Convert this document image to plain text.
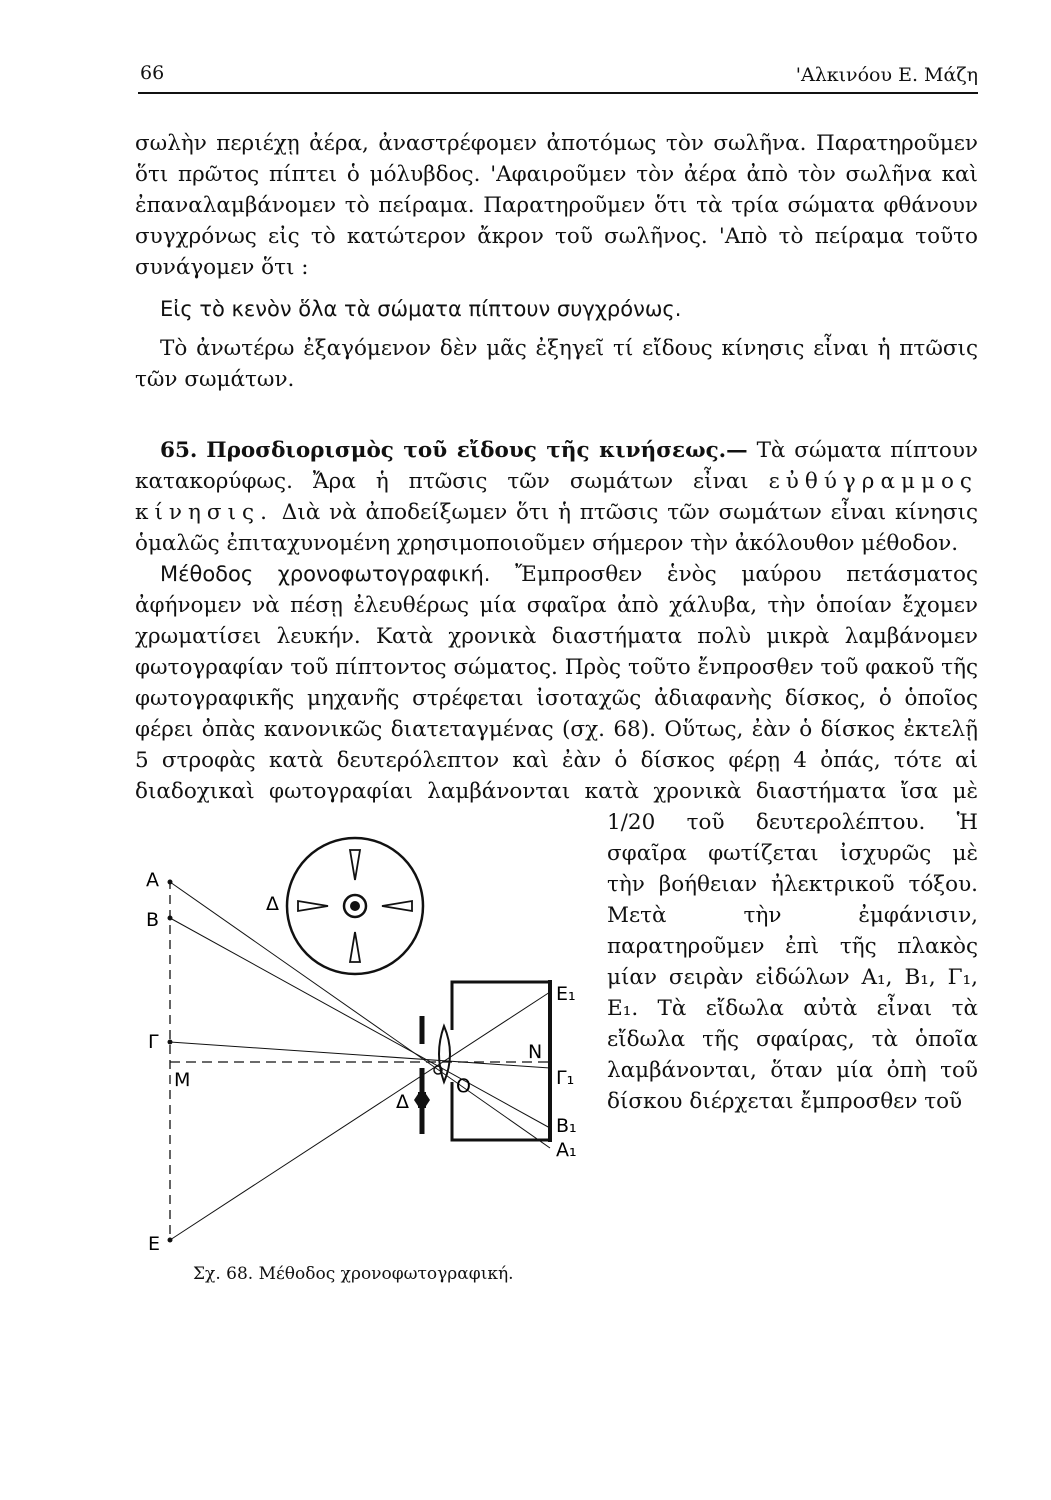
66	'Αλκινόου Ε. Μάζη

σωλὴν περιέχῃ ἀέρα, ἀναστρέφομεν ἀποτόμως τὸν σωλῆνα. Παρατηροῦμεν ὅτι πρῶτος πίπτει ὁ μόλυβδος. 'Αφαιροῦμεν τὸν ἀέρα ἀπὸ τὸν σωλῆνα καὶ ἐπαναλαμβάνομεν τὸ πείραμα. Παρατηροῦμεν ὅτι τὰ τρία σώματα φθάνουν συγχρόνως εἰς τὸ κατώτερον ἄκρον τοῦ σωλῆνος. 'Απὸ τὸ πείραμα τοῦτο συνάγομεν ὅτι :

Εἰς τὸ κενὸν ὅλα τὰ σώματα πίπτουν συγχρόνως.

Τὸ ἀνωτέρω ἐξαγόμενον δὲν μᾶς ἐξηγεῖ τί εἴδους κίνησις εἶναι ἡ πτῶσις τῶν σωμάτων.

65. Προσδιορισμὸς τοῦ εἴδους τῆς κινήσεως.— Τὰ σώματα πίπτουν κατακορύφως. Ἄρα ἡ πτῶσις τῶν σωμάτων εἶναι εὐθύγραμμος κίνησις. Διὰ νὰ ἀποδείξωμεν ὅτι ἡ πτῶσις τῶν σωμάτων εἶναι κίνησις ὁμαλῶς ἐπιταχυνομένη χρησιμοποιοῦμεν σήμερον τὴν ἀκόλουθον μέθοδον.

Μέθοδος χρονοφωτογραφική. Ἔμπροσθεν ἑνὸς μαύρου πετάσματος ἀφήνομεν νὰ πέσῃ ἐλευθέρως μία σφαῖρα ἀπὸ χάλυβα, τὴν ὁποίαν ἔχομεν χρωματίσει λευκήν. Κατὰ χρονικὰ διαστήματα πολὺ μικρὰ λαμβάνομεν φωτογραφίαν τοῦ πίπτοντος σώματος. Πρὸς τοῦτο ἔνπροσθεν τοῦ φακοῦ τῆς φωτογραφικῆς μηχανῆς στρέφεται ἰσοταχῶς ἀδιαφανὴς δίσκος, ὁ ὁποῖος φέρει ὀπὰς κανονικῶς διατεταγμένας (σχ. 68). Οὕτως, ἐὰν ὁ δίσκος ἐκτελῇ 5 στροφὰς κατὰ δευτερόλεπτον καὶ ἐὰν ὁ δίσκος φέρῃ 4 ὀπάς, τότε αἱ διαδοχικαὶ φωτογραφίαι λαμβάνονται κατὰ χρονικὰ διαστήματα ἴσα μὲ 1/20 τοῦ δευτερολέπτου. Ἡ σφαῖρα φωτίζεται ἰσχυρῶς μὲ τὴν βοήθειαν ἠλεκτρικοῦ τόξου. Μετὰ τὴν ἐμφάνισιν, παρατηροῦμεν ἐπὶ τῆς πλακὸς μίαν σειρὰν εἰδώλων Α₁, Β₁, Γ₁, Ε₁. Τὰ εἴδωλα αὐτὰ εἶναι τὰ εἴδωλα τῆς σφαίρας, τὰ ὁποῖα λαμβάνονται, ὅταν μία ὀπὴ τοῦ δίσκου διέρχεται ἔμπροσθεν τοῦ

Α
Β
Γ
Μ
Ε
Δ
Δ
Ν
Ο
Ε₁
Γ₁
Β₁
Α₁
Σχ. 68. Μέθοδος χρονοφωτογραφική.
